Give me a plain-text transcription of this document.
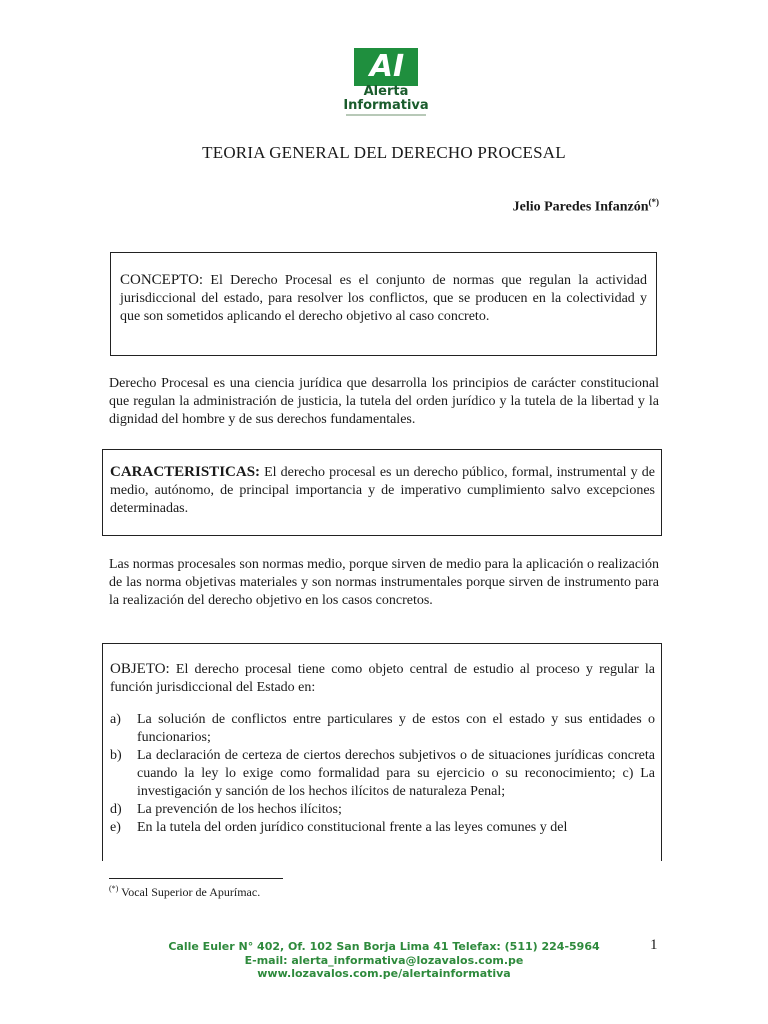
AI
Alerta
Informativa
TEORIA GENERAL DEL DERECHO PROCESAL
Jelio Paredes Infanzón(*)
CONCEPTO: El Derecho Procesal es el conjunto de normas que regulan la actividad jurisdiccional del estado, para resolver los conflictos, que se producen en la colectividad y que son sometidos aplicando el derecho objetivo al caso concreto.
Derecho Procesal es una ciencia jurídica que desarrolla los principios de carácter constitucional que regulan la administración de justicia, la tutela del orden jurídico y la tutela de la libertad y la dignidad del hombre y de sus derechos fundamentales.
CARACTERISTICAS: El derecho procesal es un derecho público, formal, instrumental y de medio, autónomo, de principal importancia y de imperativo cumplimiento salvo excepciones determinadas.
Las normas procesales son normas medio, porque sirven de medio para la aplicación o realización de las norma objetivas materiales y son normas instrumentales porque sirven de instrumento para la realización del derecho objetivo en los casos concretos.
OBJETO: El derecho procesal tiene como objeto central de estudio al proceso y regular la función jurisdiccional del Estado en:
a) La solución de conflictos entre particulares y de estos con el estado y sus entidades o funcionarios;
b) La declaración de certeza de ciertos derechos subjetivos o de situaciones jurídicas concreta cuando la ley lo exige como formalidad para su ejercicio o su reconocimiento; c) La investigación y sanción de los hechos ilícitos de naturaleza Penal;
d) La prevención de los hechos ilícitos;
e) En la tutela del orden jurídico constitucional frente a las leyes comunes y del
(*) Vocal Superior de Apurímac.
Calle Euler N° 402, Of. 102 San Borja Lima 41 Telefax: (511) 224-5964
E-mail: alerta_informativa@lozavalos.com.pe
www.lozavalos.com.pe/alertainformativa
1
